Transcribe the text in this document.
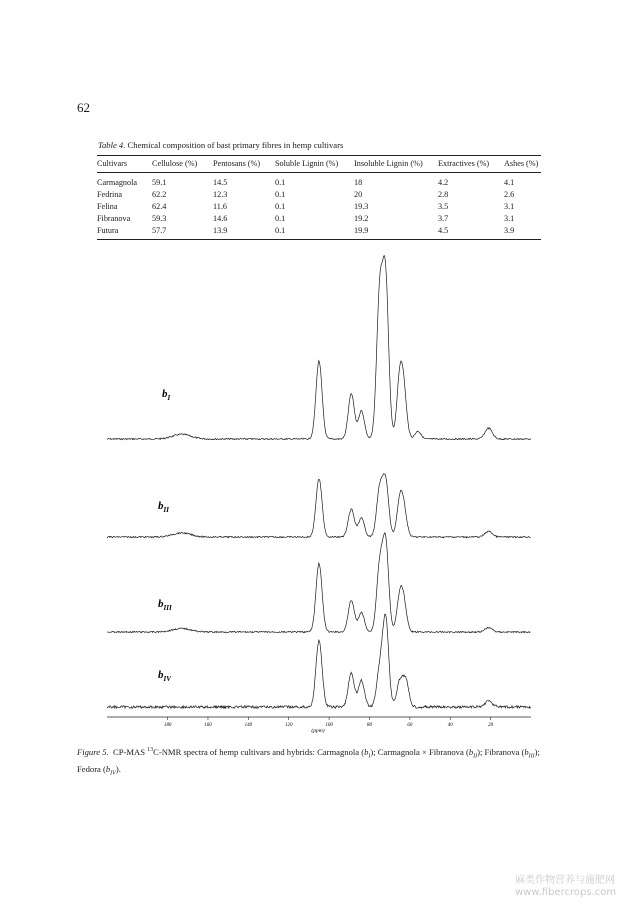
62
Table 4. Chemical composition of bast primary fibres in hemp cultivars
Cultivars	Cellulose (%)	Pentosans (%)	Soluble Lignin (%)	Insoluble Lignin (%)	Extractives (%)	Ashes (%)
Carmagnola	59.1	14.5	0.1	18	4.2	4.1
Fedrina	62.2	12.3	0.1	20	2.8	2.6
Felina	62.4	11.6	0.1	19.3	3.5	3.1
Fibranova	59.3	14.6	0.1	19.2	3.7	3.1
Futura	57.7	13.9	0.1	19.9	4.5	3.9
180	160	140	120	100	80	60	40	20
$b_I$
$b_{II}$
$b_{III}$
$b_{IV}$
(ppm)
Figure 5. CP-MAS $^{13}$C-NMR spectra of hemp cultivars and hybrids: Carmagnola $(b_I)$; Carmagnola × Fibranova $(b_{II})$; Fibranova $(b_{III})$; Fedora $(b_{IV})$.
麻类作物营养与施肥网
www.fibercrops.com
